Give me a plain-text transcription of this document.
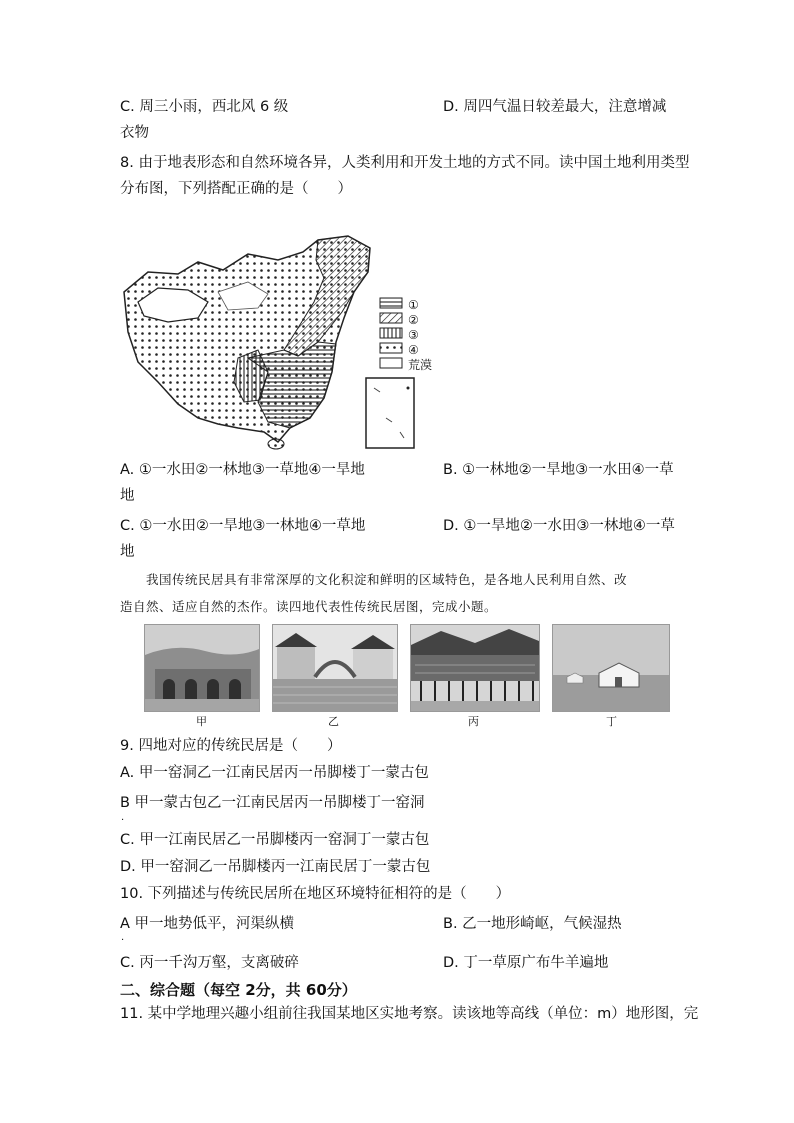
C. 周三小雨，西北风 6 级	D. 周四气温日较差最大，注意增减
衣物
8. 由于地表形态和自然环境各异，人类利用和开发土地的方式不同。读中国土地利用类型
分布图，下列搭配正确的是（　　）
①
②
③
④
荒漠
A. ①一水田②一林地③一草地④一旱地	B. ①一林地②一旱地③一水田④一草
地
C. ①一水田②一旱地③一林地④一草地	D. ①一旱地②一水田③一林地④一草
地
我国传统民居具有非常深厚的文化积淀和鲜明的区域特色，是各地人民利用自然、改
造自然、适应自然的杰作。读四地代表性传统民居图，完成小题。
甲	乙	丙	丁
9. 四地对应的传统民居是（　　）
A. 甲一窑洞乙一江南民居丙一吊脚楼丁一蒙古包
B 甲一蒙古包乙一江南民居丙一吊脚楼丁一窑洞
·
C. 甲一江南民居乙一吊脚楼丙一窑洞丁一蒙古包
D. 甲一窑洞乙一吊脚楼丙一江南民居丁一蒙古包
10. 下列描述与传统民居所在地区环境特征相符的是（　　）
A 甲一地势低平，河渠纵横
·
B. 乙一地形崎岖，气候湿热
C. 丙一千沟万壑，支离破碎	D. 丁一草原广布牛羊遍地
二、综合题（每空 2分，共 60分）
11. 某中学地理兴趣小组前往我国某地区实地考察。读该地等高线（单位：m）地形图，完
